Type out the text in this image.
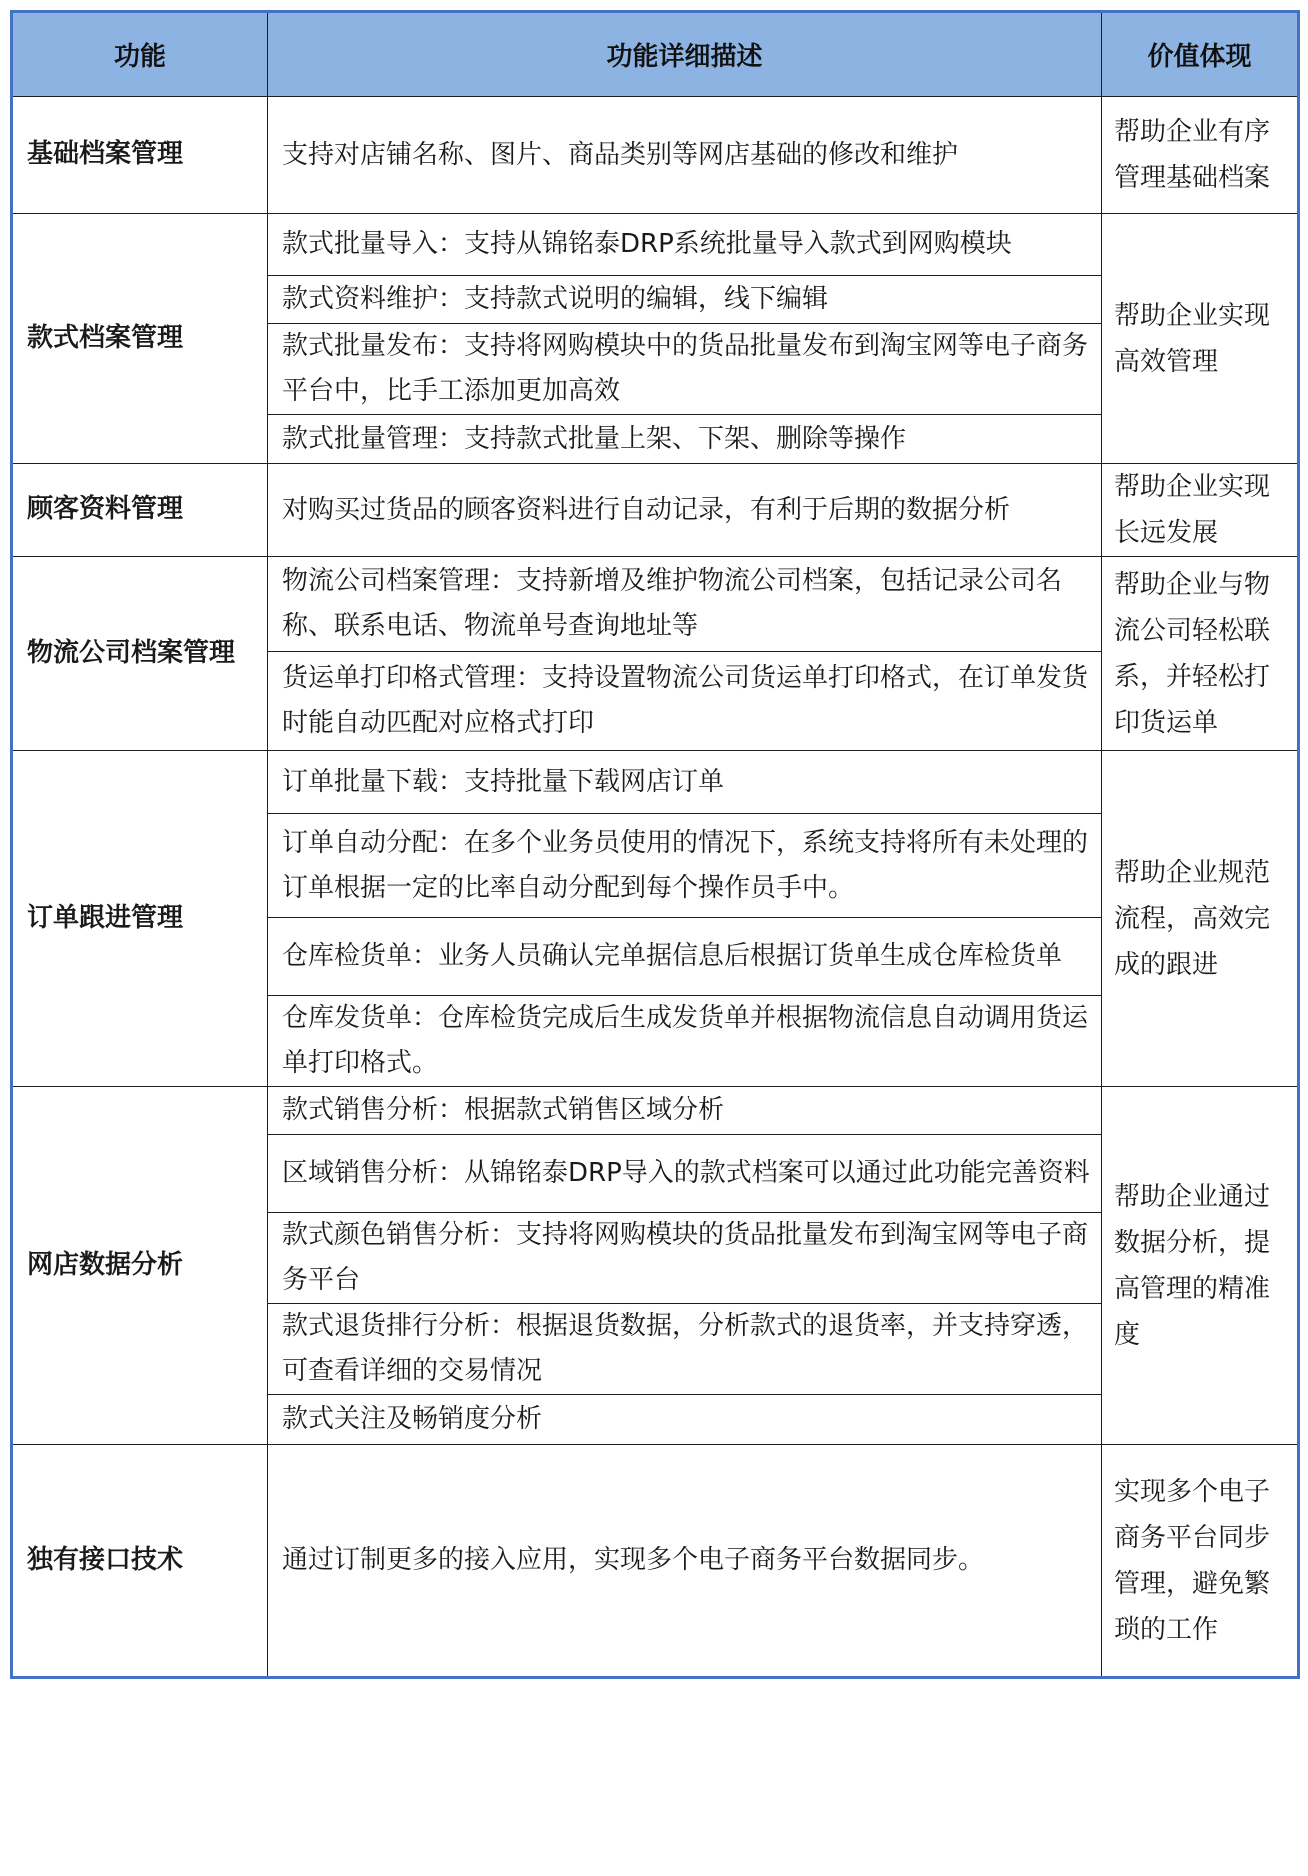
功能	功能详细描述	价值体现
基础档案管理	支持对店铺名称、图片、商品类别等网店基础的修改和维护	帮助企业有序管理基础档案
款式档案管理	款式批量导入：支持从锦铭泰DRP系统批量导入款式到网购模块	帮助企业实现高效管理
	款式资料维护：支持款式说明的编辑，线下编辑	
	款式批量发布：支持将网购模块中的货品批量发布到淘宝网等电子商务平台中，比手工添加更加高效	
	款式批量管理：支持款式批量上架、下架、删除等操作	
顾客资料管理	对购买过货品的顾客资料进行自动记录，有利于后期的数据分析	帮助企业实现长远发展
物流公司档案管理	物流公司档案管理：支持新增及维护物流公司档案，包括记录公司名称、联系电话、物流单号查询地址等	帮助企业与物流公司轻松联系，并轻松打印货运单
	货运单打印格式管理：支持设置物流公司货运单打印格式，在订单发货时能自动匹配对应格式打印	
订单跟进管理	订单批量下载：支持批量下载网店订单	帮助企业规范流程，高效完成的跟进
	订单自动分配：在多个业务员使用的情况下，系统支持将所有未处理的订单根据一定的比率自动分配到每个操作员手中。	
	仓库检货单：业务人员确认完单据信息后根据订货单生成仓库检货单	
	仓库发货单：仓库检货完成后生成发货单并根据物流信息自动调用货运单打印格式。	
网店数据分析	款式销售分析：根据款式销售区域分析	帮助企业通过数据分析，提高管理的精准度
	区域销售分析：从锦铭泰DRP导入的款式档案可以通过此功能完善资料	
	款式颜色销售分析：支持将网购模块的货品批量发布到淘宝网等电子商务平台	
	款式退货排行分析：根据退货数据，分析款式的退货率，并支持穿透，可查看详细的交易情况	
	款式关注及畅销度分析	
独有接口技术	通过订制更多的接入应用，实现多个电子商务平台数据同步。	实现多个电子商务平台同步管理，避免繁琐的工作
